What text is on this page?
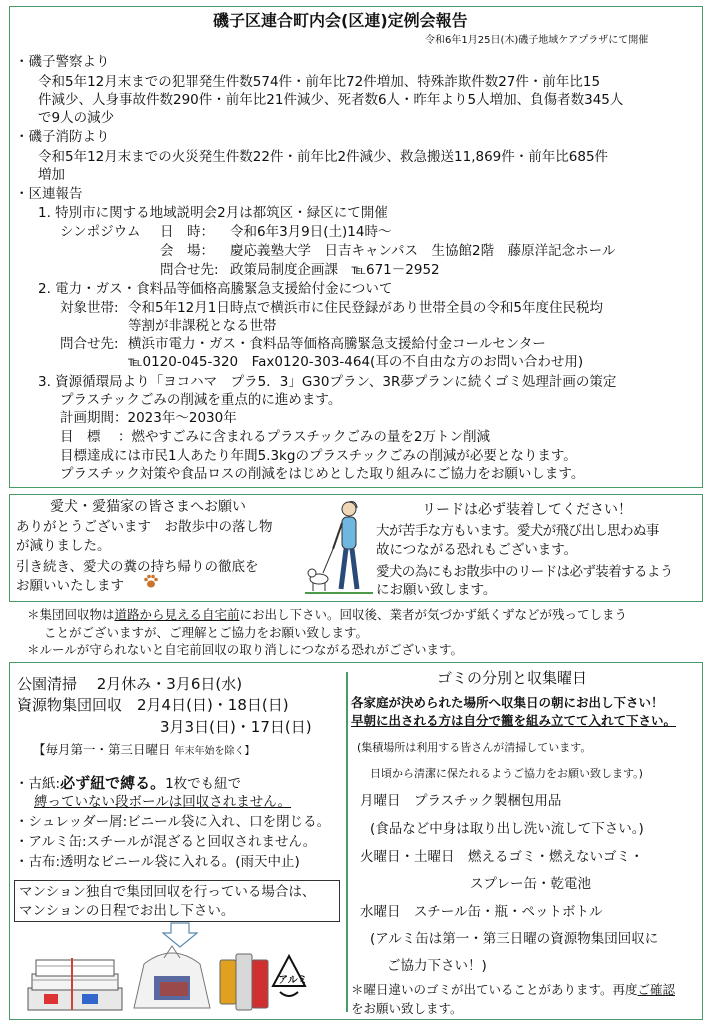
磯子区連合町内会(区連)定例会報告
令和6年1月25日(木)磯子地域ケアプラザにて開催
・磯子警察より
令和5年12月末までの犯罪発生件数574件・前年比72件増加、特殊詐欺件数27件・前年比15
件減少、人身事故件数290件・前年比21件減少、死者数6人・昨年より5人増加、負傷者数345人
で9人の減少
・磯子消防より
令和5年12月末までの火災発生件数22件・前年比2件減少、救急搬送11,869件・前年比685件
増加
・区連報告
1. 特別市に関する地域説明会2月は都筑区・緑区にて開催
シンポジウム 日　時： 令和6年3月9日(土)14時～
会　場： 慶応義塾大学　日吉キャンパス　生協館2階　藤原洋記念ホール
問合せ先: 政策局制度企画課　℡671－2952
2. 電力・ガス・食料品等価格高騰緊急支援給付金について
対象世帯: 令和5年12月1日時点で横浜市に住民登録があり世帯全員の令和5年度住民税均
等割が非課税となる世帯
問合せ先: 横浜市電力・ガス・食料品等価格高騰緊急支援給付金コールセンター
℡0120-045-320　Fax0120-303-464(耳の不自由な方のお問い合わせ用)
3. 資源循環局より「ヨコハマ　プラ5．3」G30プラン、3R夢プランに続くゴミ処理計画の策定
プラスチックごみの削減を重点的に進めます。
計画期間：2023年～2030年
目　標 ：燃やすごみに含まれるプラスチックごみの量を2万トン削減
目標達成には市民1人あたり年間5.3kgのプラスチックごみの削減が必要となります。
プラスチック対策や食品ロスの削減をはじめとした取り組みにご協力をお願いします。
愛犬・愛猫家の皆さまへお願い
ありがとうございます　お散歩中の落し物
が減りました。
引き続き、愛犬の糞の持ち帰りの徹底を
お願いいたします
リードは必ず装着してください！
大が苦手な方もいます。愛犬が飛び出し思わぬ事
故につながる恐れもございます。
愛犬の為にもお散歩中のリードは必ず装着するよう
にお願い致します。
＊集団回収物は道路から見える自宅前にお出し下さい。回収後、業者が気づかず紙くずなどが残ってしまう
ことがございますが、ご理解とご協力をお願い致します。
＊ルールが守られないと自宅前回収の取り消しにつながる恐れがございます。
公園清掃　 2月休み・3月6日(水)
資源物集団回収　2月4日(日)・18日(日)
3月3日(日)・17日(日)
【毎月第一・第三日曜日 年末年始を除く】
・古紙:必ず紐で縛る。1枚でも紐で
縛っていない段ボールは回収されません。
・シュレッダー屑:ビニール袋に入れ、口を閉じる。
・アルミ缶:スチールが混ざると回収されません。
・古布:透明なビニール袋に入れる。(雨天中止)
マンション独自で集団回収を行っている場合は、
マンションの日程でお出し下さい。
アルミ
ゴミの分別と収集曜日
各家庭が決められた場所へ収集日の朝にお出し下さい！
早朝に出される方は自分で籠を組み立てて入れて下さい。
(集積場所は利用する皆さんが清掃しています。
日頃から清潔に保たれるようご協力をお願い致します。)
月曜日　プラスチック製梱包用品
(食品など中身は取り出し洗い流して下さい。)
火曜日・土曜日　燃えるゴミ・燃えないゴミ・
スプレー缶・乾電池
水曜日　スチール缶・瓶・ペットボトル
(アルミ缶は第一・第三日曜の資源物集団回収に
ご協力下さい！)
＊曜日違いのゴミが出ていることがあります。再度ご確認
をお願い致します。
